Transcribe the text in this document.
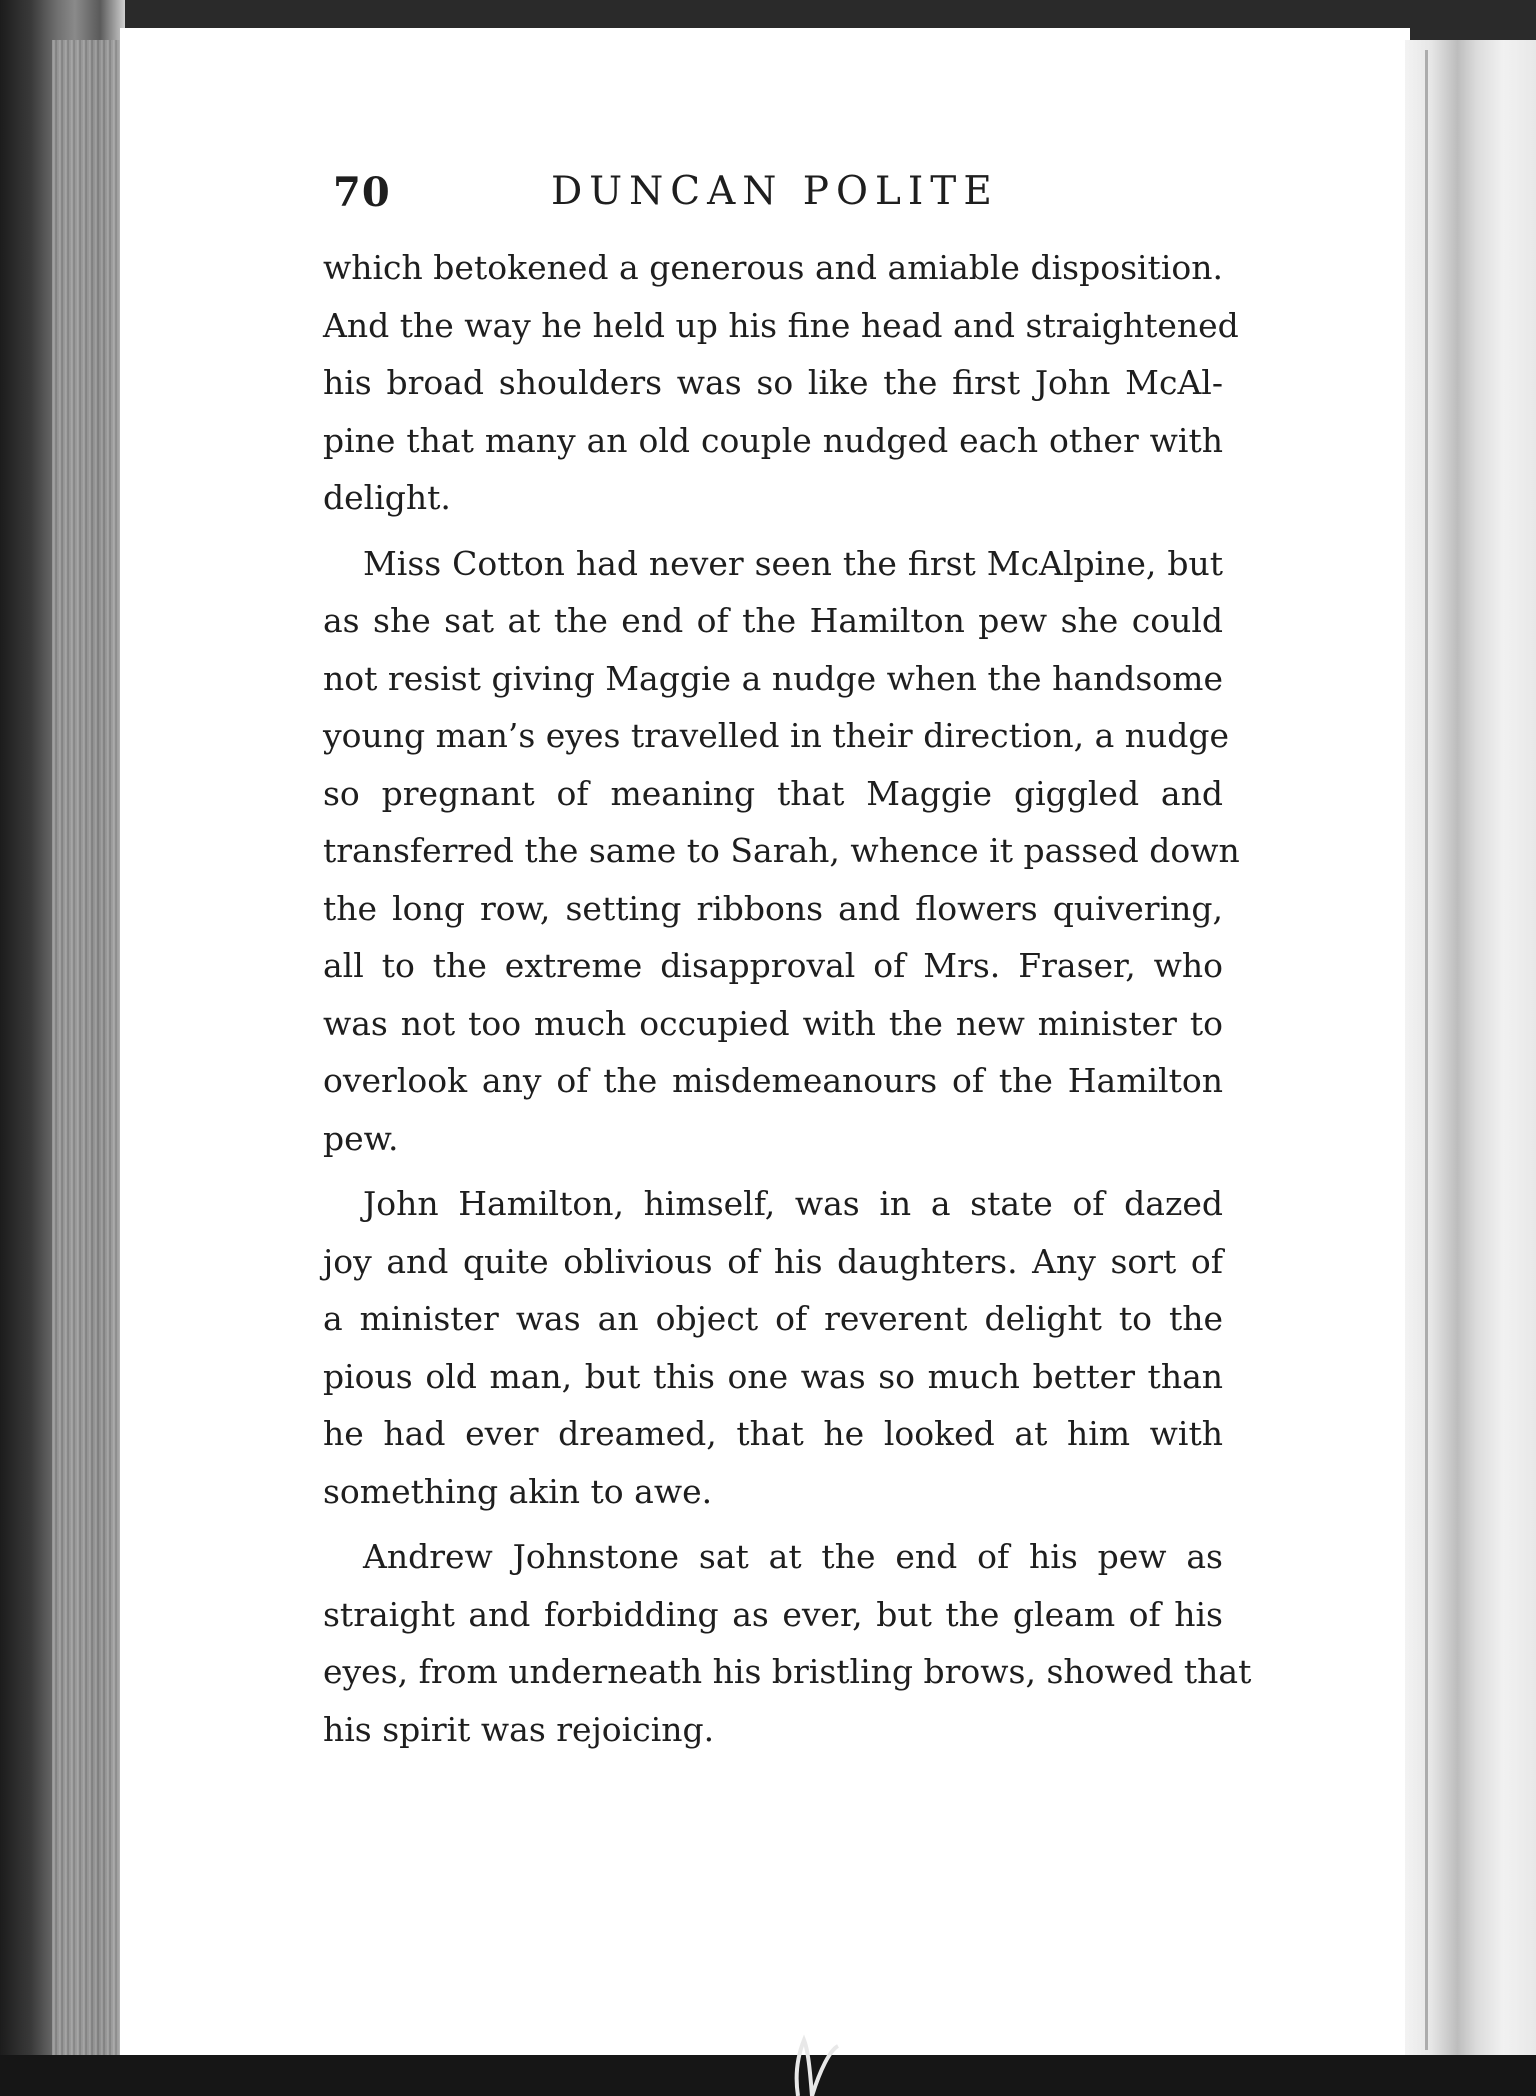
70	DUNCAN POLITE
which betokened a generous and amiable disposition.
And the way he held up his fine head and straightened
his broad shoulders was so like the first John McAl-
pine that many an old couple nudged each other with
delight.
Miss Cotton had never seen the first McAlpine, but
as she sat at the end of the Hamilton pew she could
not resist giving Maggie a nudge when the handsome
young man’s eyes travelled in their direction, a nudge
so pregnant of meaning that Maggie giggled and
transferred the same to Sarah, whence it passed down
the long row, setting ribbons and flowers quivering,
all to the extreme disapproval of Mrs. Fraser, who
was not too much occupied with the new minister to
overlook any of the misdemeanours of the Hamilton
pew.
John Hamilton, himself, was in a state of dazed
joy and quite oblivious of his daughters. Any sort of
a minister was an object of reverent delight to the
pious old man, but this one was so much better than
he had ever dreamed, that he looked at him with
something akin to awe.
Andrew Johnstone sat at the end of his pew as
straight and forbidding as ever, but the gleam of his
eyes, from underneath his bristling brows, showed that
his spirit was rejoicing.
